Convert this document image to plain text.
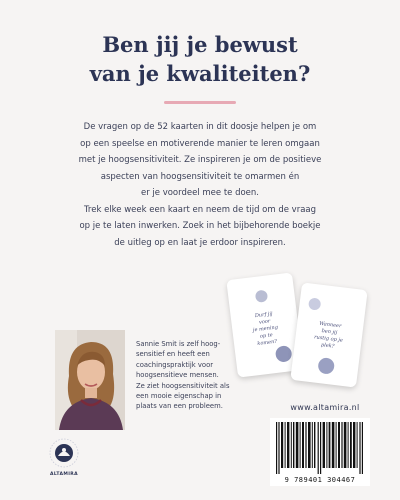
Ben jij je bewust
van je kwaliteiten?

De vragen op de 52 kaarten in dit doosje helpen je om
op een speelse en motiverende manier te leren omgaan
met je hoogsensitiviteit. Ze inspireren je om de positieve
aspecten van hoogsensitiviteit te omarmen én
er je voordeel mee te doen.

Trek elke week een kaart en neem de tijd om de vraag
op je te laten inwerken. Zoek in het bijbehorende boekje
de uitleg op en laat je erdoor inspireren.

Durf jij
voor
je mening
op te
komen?
Wanneer
ben jij
rustig op je
plek?
Sannie Smit is zelf hoog-
sensitief en heeft een
coachingspraktijk voor
hoogsensitieve mensen.
Ze ziet hoogsensitiviteit als
een mooie eigenschap in
plaats van een probleem.	www.altamira.nl
9 789401 304467
ALTAMIRA
